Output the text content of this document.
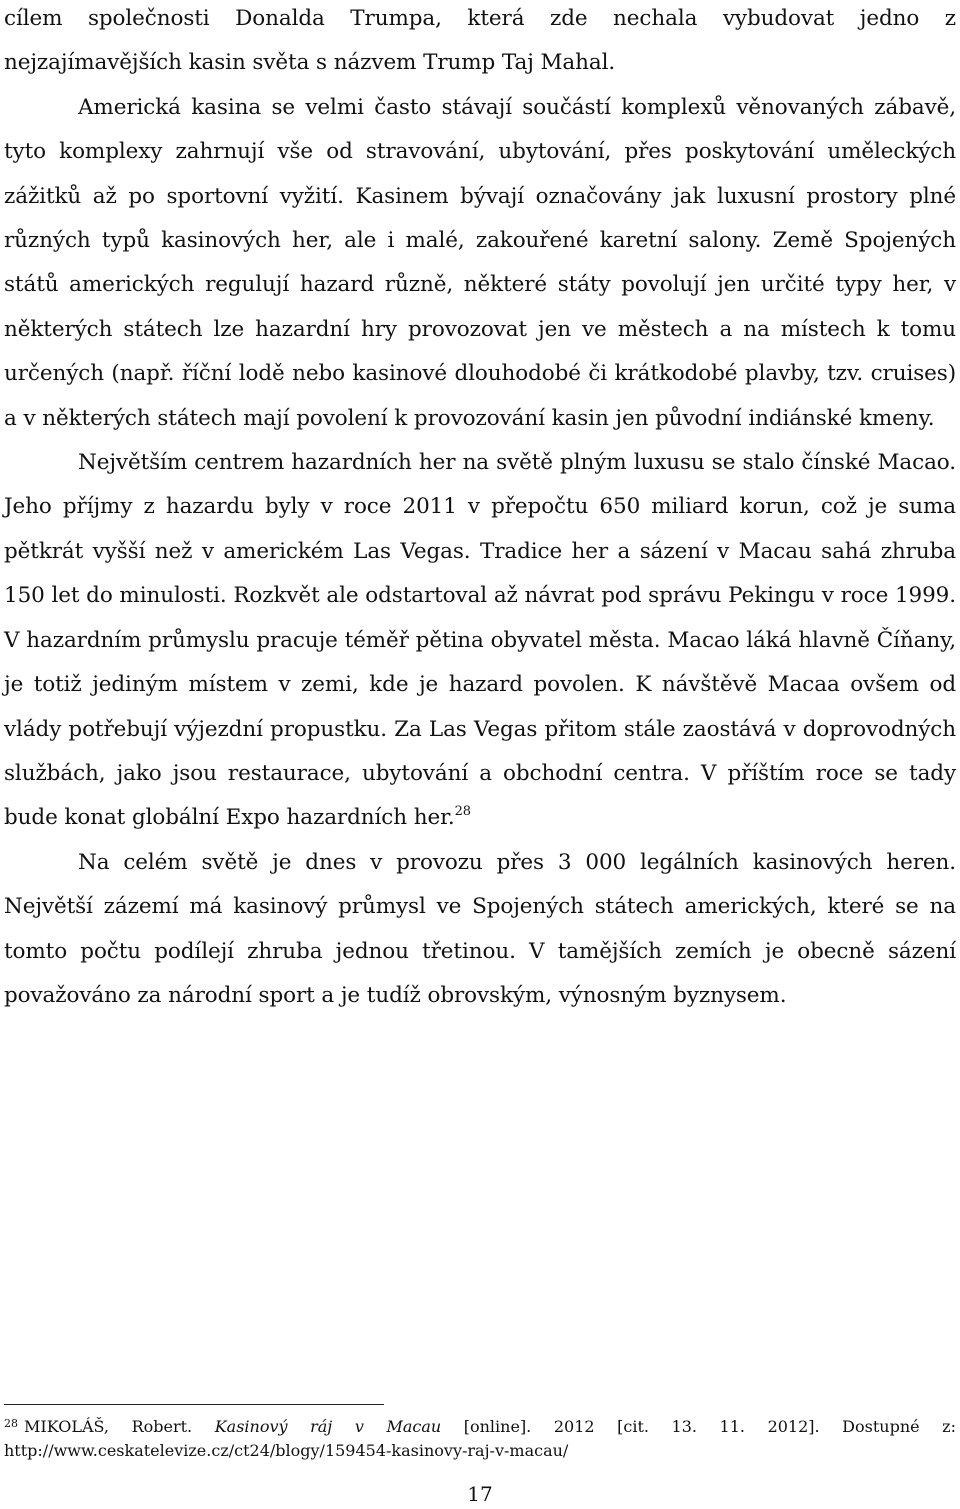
cílem společnosti Donalda Trumpa, která zde nechala vybudovat jedno z nejzajímavějších kasin světa s názvem Trump Taj Mahal.

Americká kasina se velmi často stávají součástí komplexů věnovaných zábavě, tyto komplexy zahrnují vše od stravování, ubytování, přes poskytování uměleckých zážitků až po sportovní vyžití. Kasinem bývají označovány jak luxusní prostory plné různých typů kasinových her, ale i malé, zakouřené karetní salony. Země Spojených států amerických regulují hazard různě, některé státy povolují jen určité typy her, v některých státech lze hazardní hry provozovat jen ve městech a na místech k tomu určených (např. říční lodě nebo kasinové dlouhodobé či krátkodobé plavby, tzv. cruises) a v některých státech mají povolení k provozování kasin jen původní indiánské kmeny.

Největším centrem hazardních her na světě plným luxusu se stalo čínské Macao. Jeho příjmy z hazardu byly v roce 2011 v přepočtu 650 miliard korun, což je suma pětkrát vyšší než v americkém Las Vegas. Tradice her a sázení v Macau sahá zhruba 150 let do minulosti. Rozkvět ale odstartoval až návrat pod správu Pekingu v roce 1999. V hazardním průmyslu pracuje téměř pětina obyvatel města. Macao láká hlavně Číňany, je totiž jediným místem v zemi, kde je hazard povolen. K návštěvě Macaa ovšem od vlády potřebují výjezdní propustku. Za Las Vegas přitom stále zaostává v doprovodných službách, jako jsou restaurace, ubytování a obchodní centra. V příštím roce se tady bude konat globální Expo hazardních her.$^{28}$

Na celém světě je dnes v provozu přes 3 000 legálních kasinových heren. Největší zázemí má kasinový průmysl ve Spojených státech amerických, které se na tomto počtu podílejí zhruba jednou třetinou. V tamějších zemích je obecně sázení považováno za národní sport a je tudíž obrovským, výnosným byznysem.

$^{28}$ MIKOLÁŠ, Robert. Kasinový ráj v Macau [online]. 2012 [cit. 13. 11. 2012]. Dostupné z: http://www.ceskatelevize.cz/ct24/blogy/159454-kasinovy-raj-v-macau/

17
